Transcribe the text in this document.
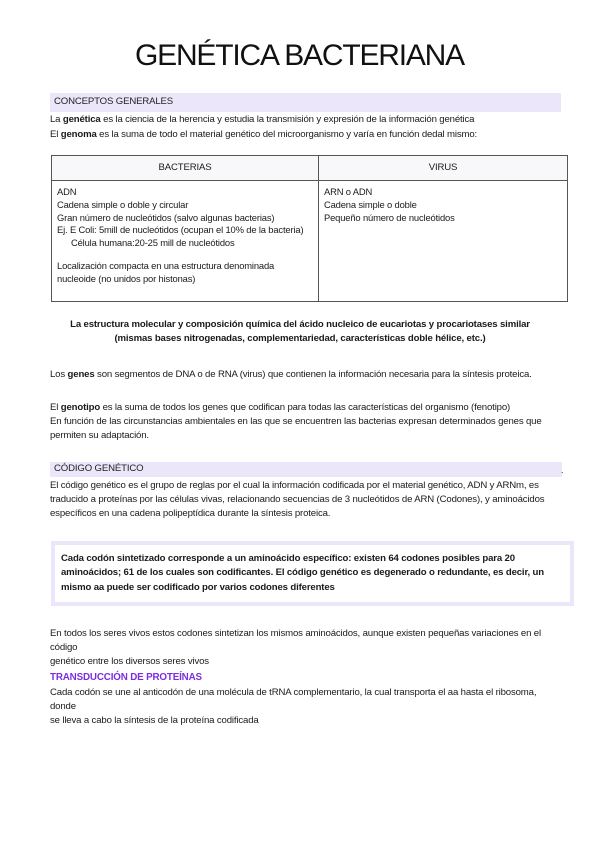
GENÉTICA BACTERIANA
CONCEPTOS GENERALES
La genética es la ciencia de la herencia y estudia la transmisión y expresión de la información genética
El genoma es la suma de todo el material genético del microorganismo y varía en función dedal mismo:
BACTERIAS	VIRUS
ADN
Cadena simple o doble y circular
Gran número de nucleótidos (salvo algunas bacterias)
Ej. E Coli: 5mill de nucleótidos (ocupan el 10% de la bacteria)
Célula humana:20-25 mill de nucleótidos
Localización compacta en una estructura denominada
nucleoide (no unidos por histonas)
ARN o ADN
Cadena simple o doble
Pequeño número de nucleótidos
La estructura molecular y composición química del ácido nucleico de eucariotas y procariotases similar
(mismas bases nitrogenadas, complementariedad, características doble hélice, etc.)
Los genes son segmentos de DNA o de RNA (virus) que contienen la información necesaria para la síntesis proteica.
El genotipo es la suma de todos los genes que codifican para todas las características del organismo (fenotipo)
En función de las circunstancias ambientales en las que se encuentren las bacterias expresan determinados genes que
permiten su adaptación.
CÓDIGO GENÉTICO	.
El código genético es el grupo de reglas por el cual la información codificada por el material genético, ADN y ARNm, es
traducido a proteínas por las células vivas, relacionando secuencias de 3 nucleótidos de ARN (Codones), y aminoácidos
específicos en una cadena polipeptídica durante la síntesis proteica.
Cada codón sintetizado corresponde a un aminoácido específico: existen 64 codones posibles para 20
aminoácidos; 61 de los cuales son codificantes. El código genético es degenerado o redundante, es decir, un
mismo aa puede ser codificado por varios codones diferentes
En todos los seres vivos estos codones sintetizan los mismos aminoácidos, aunque existen pequeñas variaciones en el código
genético entre los diversos seres vivos
TRANSDUCCIÓN DE PROTEÍNAS
Cada codón se une al anticodón de una molécula de tRNA complementario, la cual transporta el aa hasta el ribosoma, donde
se lleva a cabo la síntesis de la proteína codificada
